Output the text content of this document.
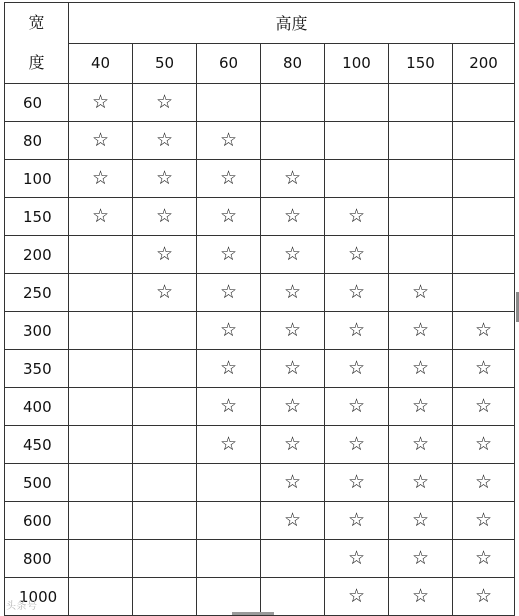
宽
度	高度						
	40	50	60	80	100	150	200
60	☆	☆					
80	☆	☆	☆				
100	☆	☆	☆	☆			
150	☆	☆	☆	☆	☆		
200		☆	☆	☆	☆		
250		☆	☆	☆	☆	☆	
300			☆	☆	☆	☆	☆
350			☆	☆	☆	☆	☆
400			☆	☆	☆	☆	☆
450			☆	☆	☆	☆	☆
500				☆	☆	☆	☆
600				☆	☆	☆	☆
800					☆	☆	☆
1000					☆	☆	☆
头条号
